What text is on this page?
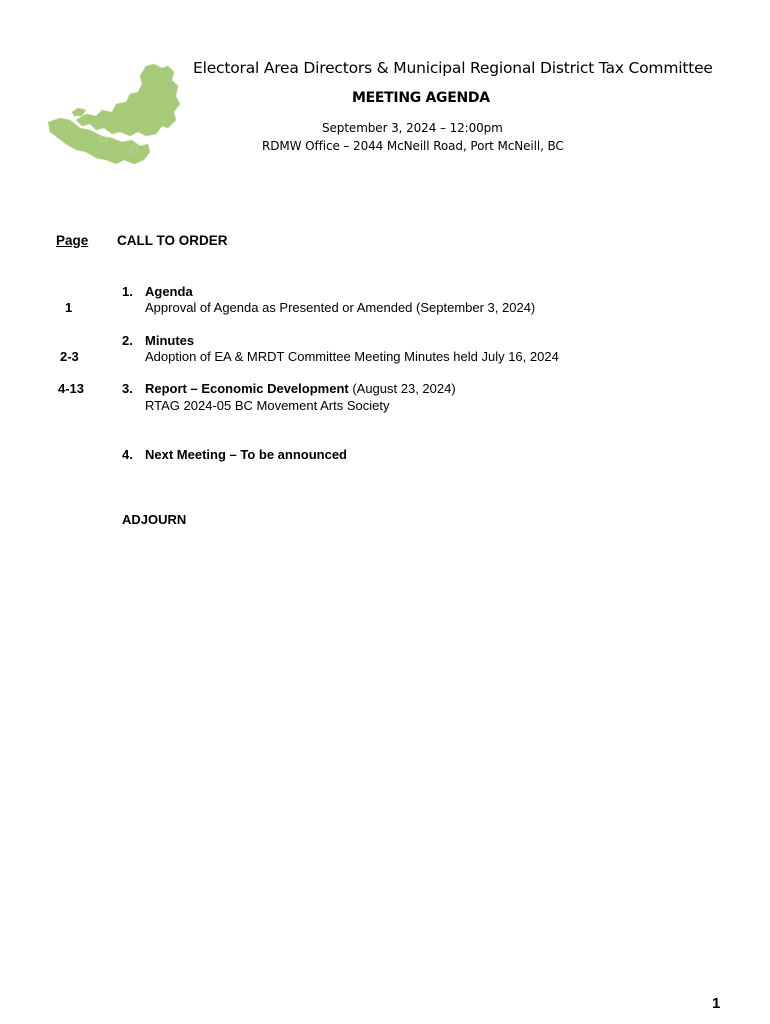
Electoral Area Directors & Municipal Regional District Tax Committee
MEETING AGENDA
September 3, 2024 – 12:00pm
RDMW Office – 2044 McNeill Road, Port McNeill, BC
Page CALL TO ORDER
1
1. Agenda
Approval of Agenda as Presented or Amended (September 3, 2024)
2-3
2. Minutes
Adoption of EA & MRDT Committee Meeting Minutes held July 16, 2024
4-13	3. Report – Economic Development (August 23, 2024)
RTAG 2024-05 BC Movement Arts Society
4. Next Meeting – To be announced
ADJOURN
1
